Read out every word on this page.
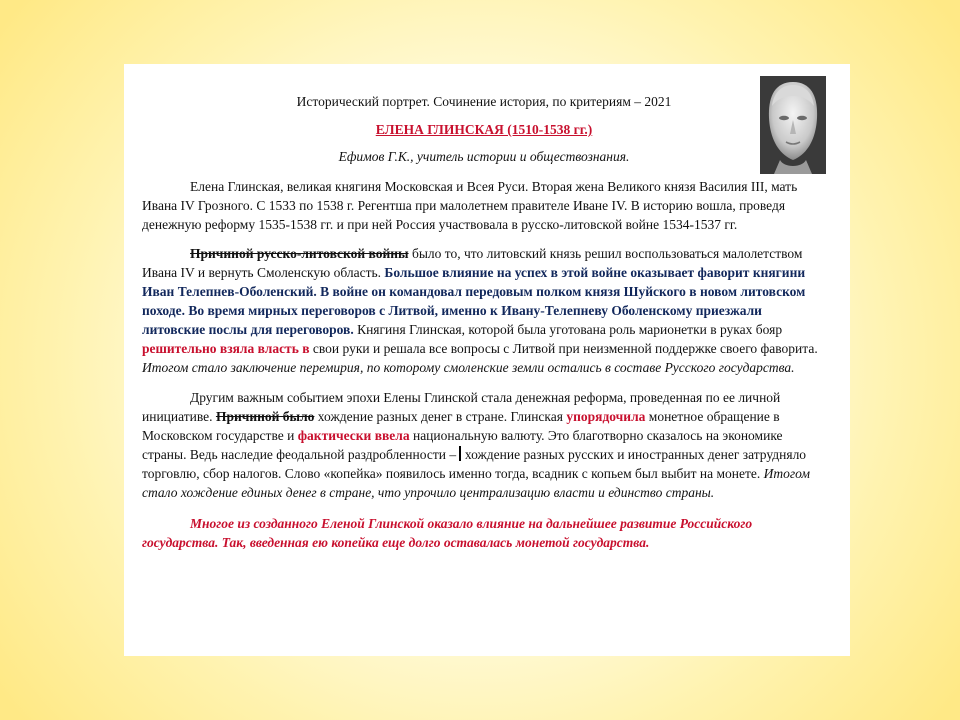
Исторический портрет. Сочинение история, по критериям – 2021

ЕЛЕНА ГЛИНСКАЯ (1510-1538 гг.)

Ефимов Г.К., учитель истории и обществознания.

Елена Глинская, великая княгиня Московская и Всея Руси. Вторая жена Великого князя Василия III, мать Ивана IV Грозного. С 1533 по 1538 г. Регентша при малолетнем правителе Иване IV. В историю вошла, проведя денежную реформу 1535-1538 гг. и при ней Россия участвовала в русско-литовской войне 1534-1537 гг.

Причиной русско-литовской войны было то, что литовский князь решил воспользоваться малолетством Ивана IV и вернуть Смоленскую область. Большое влияние на успех в этой войне оказывает фаворит княгини Иван Телепнев-Оболенский. В войне он командовал передовым полком князя Шуйского в новом литовском походе. Во время мирных переговоров с Литвой, именно к Ивану-Телепневу Оболенскому приезжали литовские послы для переговоров. Княгиня Глинская, которой была уготована роль марионетки в руках бояр решительно взяла власть в свои руки и решала все вопросы с Литвой при неизменной поддержке своего фаворита. Итогом стало заключение перемирия, по которому смоленские земли остались в составе Русского государства.

Другим важным событием эпохи Елены Глинской стала денежная реформа, проведенная по ее личной инициативе. Причиной было хождение разных денег в стране. Глинская упорядочила монетное обращение в Московском государстве и фактически ввела национальную валюту. Это благотворно сказалось на экономике страны. Ведь наследие феодальной раздробленности –  хождение разных русских и иностранных денег затрудняло торговлю, сбор налогов. Слово «копейка» появилось именно тогда, всадник с копьем был выбит на монете. Итогом стало хождение единых денег в стране, что упрочило централизацию власти и единство страны.

Многое из созданного Еленой Глинской оказало влияние на дальнейшее развитие Российского государства. Так, введенная ею копейка еще долго оставалась монетой государства.
